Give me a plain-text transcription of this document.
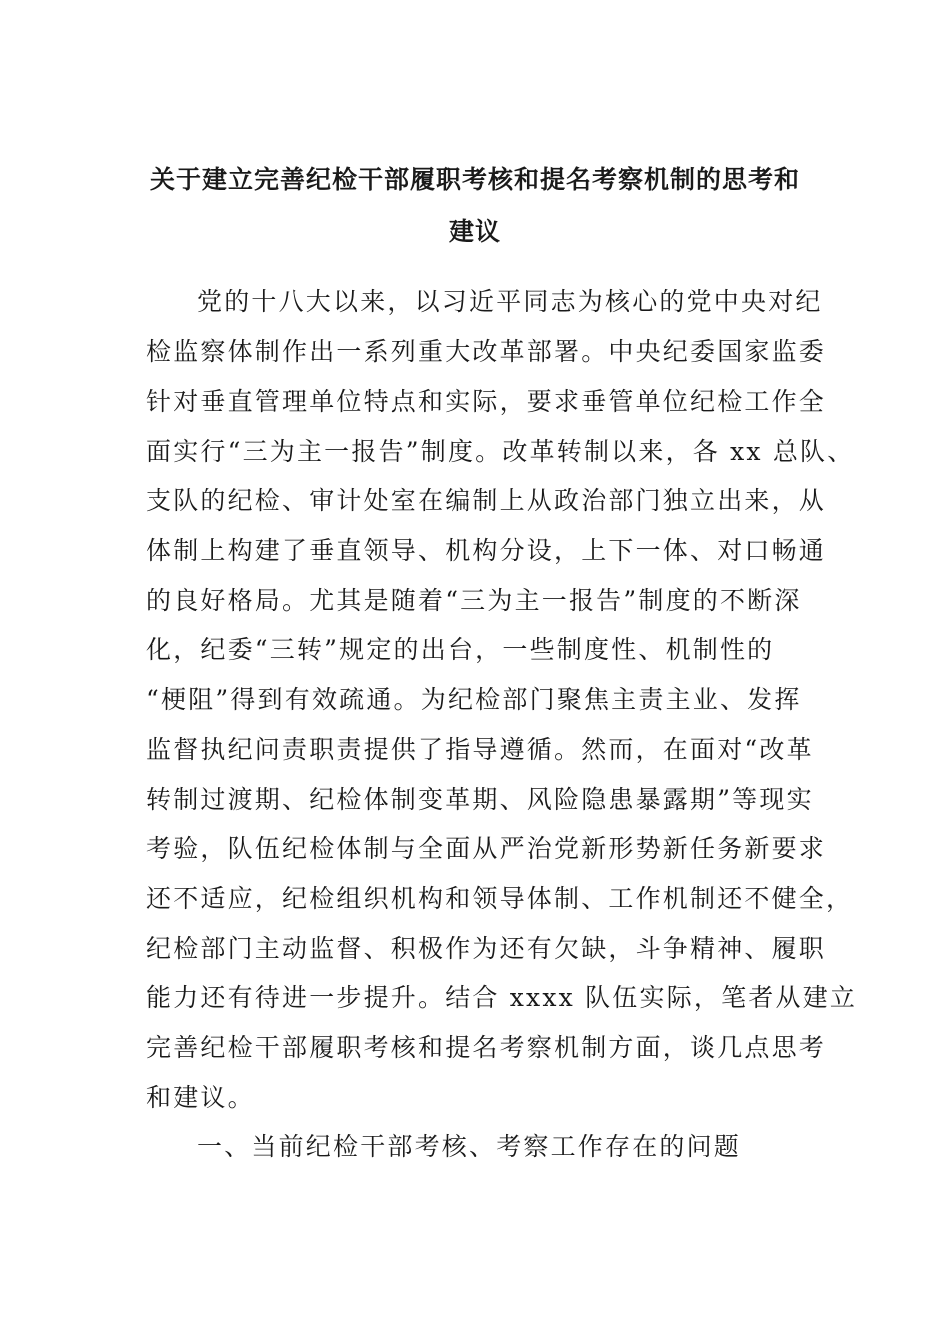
关于建立完善纪检干部履职考核和提名考察机制的思考和
建议
党的十八大以来，以习近平同志为核心的党中央对纪
检监察体制作出一系列重大改革部署。中央纪委国家监委
针对垂直管理单位特点和实际，要求垂管单位纪检工作全
面实行“三为主一报告”制度。改革转制以来，各 xx 总队、
支队的纪检、审计处室在编制上从政治部门独立出来，从
体制上构建了垂直领导、机构分设，上下一体、对口畅通
的良好格局。尤其是随着“三为主一报告”制度的不断深
化，纪委“三转”规定的出台，一些制度性、机制性的
“梗阻”得到有效疏通。为纪检部门聚焦主责主业、发挥
监督执纪问责职责提供了指导遵循。然而，在面对“改革
转制过渡期、纪检体制变革期、风险隐患暴露期”等现实
考验，队伍纪检体制与全面从严治党新形势新任务新要求
还不适应，纪检组织机构和领导体制、工作机制还不健全，
纪检部门主动监督、积极作为还有欠缺，斗争精神、履职
能力还有待进一步提升。结合 xxxx 队伍实际，笔者从建立
完善纪检干部履职考核和提名考察机制方面，谈几点思考
和建议。
一、当前纪检干部考核、考察工作存在的问题
